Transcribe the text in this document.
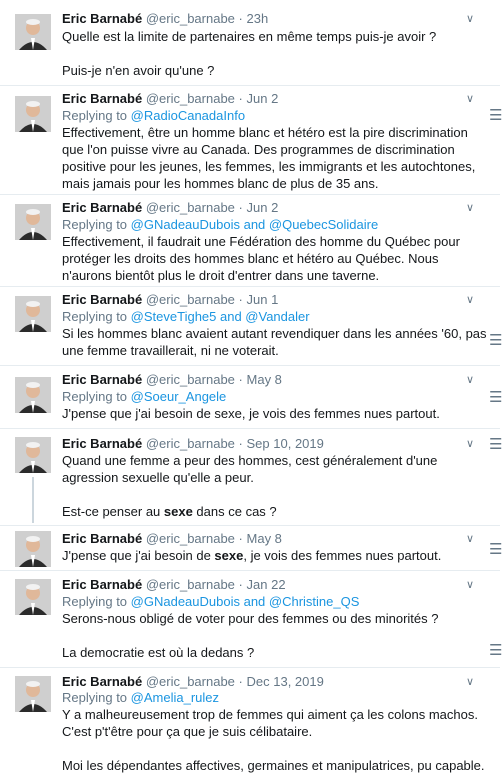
Eric Barnabé @eric_barnabe · 23h	∨

Quelle est la limite de partenaires en même temps puis-je avoir ?

Puis-je n'en avoir qu'une ?

Eric Barnabé @eric_barnabe · Jun 2	∨
Replying to @RadioCanadaInfo

Effectivement, être un homme blanc et hétéro est la pire discrimination

que l'on puisse vivre au Canada. Des programmes de discrimination

positive pour les jeunes, les femmes, les immigrants et les autochtones,

mais jamais pour les hommes blanc de plus de 35 ans.

☰
Eric Barnabé @eric_barnabe · Jun 2	∨
Replying to @GNadeauDubois and @QuebecSolidaire

Effectivement, il faudrait une Fédération des homme du Québec pour

protéger les droits des hommes blanc et hétéro au Québec. Nous

n'aurons bientôt plus le droit d'entrer dans une taverne.

Eric Barnabé @eric_barnabe · Jun 1	∨
Replying to @SteveTighe5 and @Vandaler

Si les hommes blanc avaient autant revendiquer dans les années '60, pas

une femme travaillerait, ni ne voterait.

☰
Eric Barnabé @eric_barnabe · May 8	∨
Replying to @Soeur_Angele

J'pense que j'ai besoin de sexe, je vois des femmes nues partout.

☰
Eric Barnabé @eric_barnabe · Sep 10, 2019	∨

Quand une femme a peur des hommes, cest généralement d'une

agression sexuelle qu'elle a peur.

Est-ce penser au sexe dans ce cas ?

☰
Eric Barnabé @eric_barnabe · May 8	∨

J'pense que j'ai besoin de sexe, je vois des femmes nues partout.	☰
Eric Barnabé @eric_barnabe · Jan 22	∨
Replying to @GNadeauDubois and @Christine_QS

Serons-nous obligé de voter pour des femmes ou des minorités ?

La democratie est où la dedans ?	☰
Eric Barnabé @eric_barnabe · Dec 13, 2019	∨
Replying to @Amelia_rulez

Y a malheureusement trop de femmes qui aiment ça les colons machos.

C'est p't'être pour ça que je suis célibataire.

Moi les dépendantes affectives, germaines et manipulatrices, pu capable.
